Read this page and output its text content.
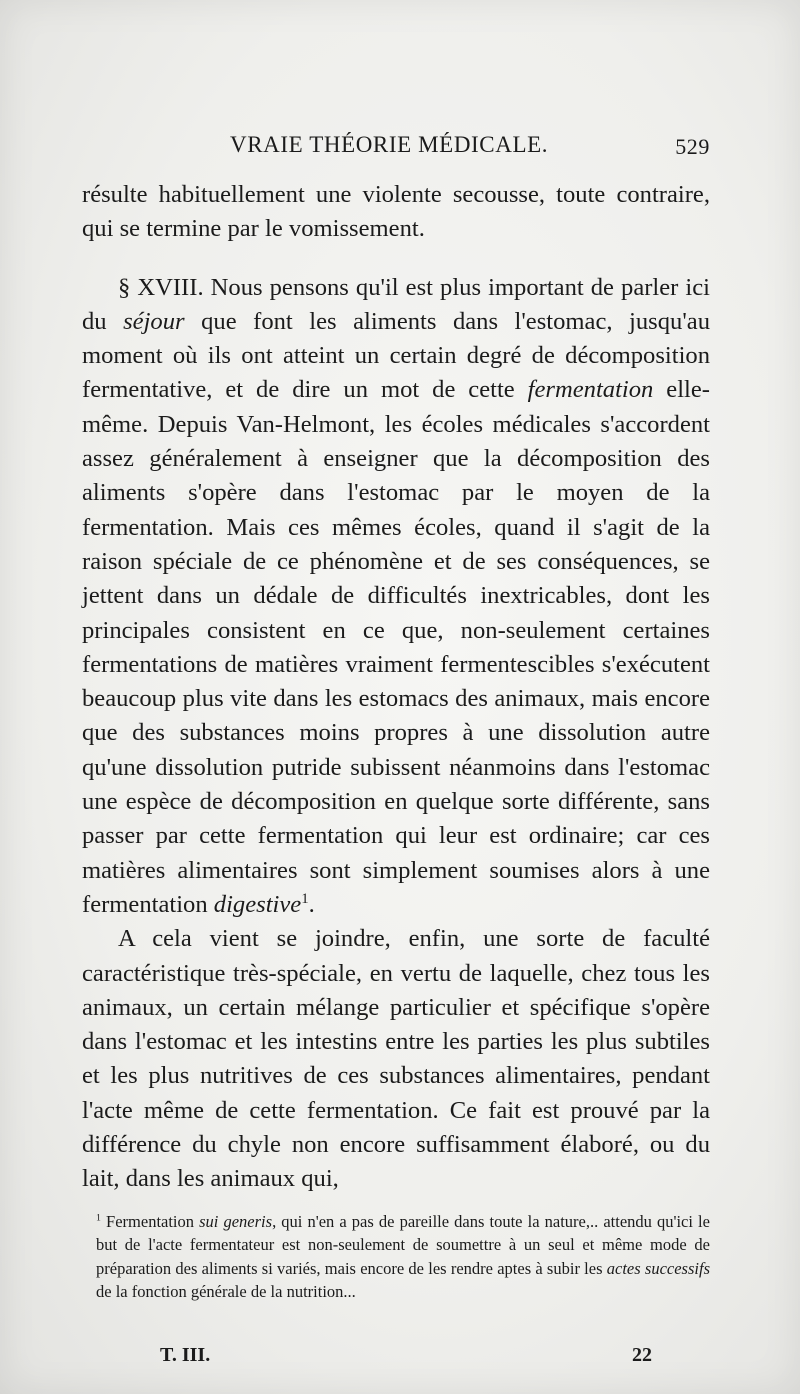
VRAIE THÉORIE MÉDICALE.	529

résulte habituellement une violente secousse, toute contraire, qui se termine par le vomissement.

§ XVIII. Nous pensons qu'il est plus important de parler ici du séjour que font les aliments dans l'estomac, jusqu'au moment où ils ont atteint un certain degré de décomposition fermentative, et de dire un mot de cette fermentation elle-même. Depuis Van-Helmont, les écoles médicales s'accordent assez généralement à enseigner que la décomposition des aliments s'opère dans l'estomac par le moyen de la fermentation. Mais ces mêmes écoles, quand il s'agit de la raison spéciale de ce phénomène et de ses conséquences, se jettent dans un dédale de difficultés inextricables, dont les principales consistent en ce que, non-seulement certaines fermentations de matières vraiment fermentescibles s'exécutent beaucoup plus vite dans les estomacs des animaux, mais encore que des substances moins propres à une dissolution autre qu'une dissolution putride subissent néanmoins dans l'estomac une espèce de décomposition en quelque sorte différente, sans passer par cette fermentation qui leur est ordinaire; car ces matières alimentaires sont simplement soumises alors à une fermentation digestive$^1$.

A cela vient se joindre, enfin, une sorte de faculté caractéristique très-spéciale, en vertu de laquelle, chez tous les animaux, un certain mélange particulier et spécifique s'opère dans l'estomac et les intestins entre les parties les plus subtiles et les plus nutritives de ces substances alimentaires, pendant l'acte même de cette fermentation. Ce fait est prouvé par la différence du chyle non encore suffisamment élaboré, ou du lait, dans les animaux qui,

$^1$ Fermentation sui generis, qui n'en a pas de pareille dans toute la nature,.. attendu qu'ici le but de l'acte fermentateur est non-seulement de soumettre à un seul et même mode de préparation des aliments si variés, mais encore de les rendre aptes à subir les actes successifs de la fonction générale de la nutrition...
T. III.	22
